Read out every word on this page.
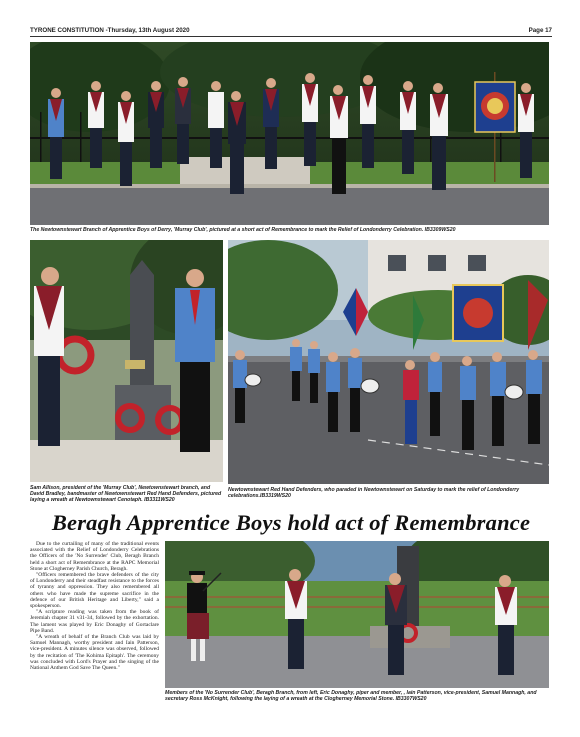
TYRONE CONSTITUTION -Thursday, 13th August 2020	Page 17
The Newtownstewart Branch of Apprentice Boys of Derry, 'Murray Club', pictured at a short act of Remembrance to mark the Relief of Londonderry Celebration. IB3309WS20
Sam Allison, president of the 'Murray Club', Newtownstewart branch, and David Bradley, bandmaster of Newtownstewart Red Hand Defenders, pictured laying a wreath at Newtownstewart Cenotaph. IB3311WS20
Newtownstewart Red Hand Defenders, who paraded in Newtownstewart on Saturday to mark the relief of Londonderry celebrations.IB3319WS20
Beragh Apprentice Boys hold act of Remembrance

Due to the curtailing of many of the traditional events associated with the Relief of Londonderry Celebrations the Officers of the 'No Surrender' Club, Beragh Branch held a short act of Remembrance at the RAPC Memorial Stone at Clogherney Parish Church, Beragh.

"Officers remembered the brave defenders of the city of Londonderry and their steadfast resistance to the forces of tyranny and oppression. They also remembered all others who have made the supreme sacrifice in the defence of our British Heritage and Liberty," said a spokesperson.

"A scripture reading was taken from the book of Jeremiah chapter 31 v31-34, followed by the exhortation. The lament was played by Eric Donaghy of Gortaclare Pipe Band.

"A wreath of behalf of the Branch Club was laid by Samuel Mannagh, worthy president and Iain Patterson, vice-president. A minutes silence was observed, followed by the recitation of 'The Kohima Epitaph'. The ceremony was concluded with Lord's Prayer and the singing of the National Anthem God Save The Queen."

Members of the 'No Surrender Club', Beragh Branch, from left, Eric Donaghy, piper and member, , Iain Patterson, vice-president, Samuel Mannagh, and secretary Ross McKnight, following the laying of a wreath at the Clogherney Memorial Stone. IB3307WS20
